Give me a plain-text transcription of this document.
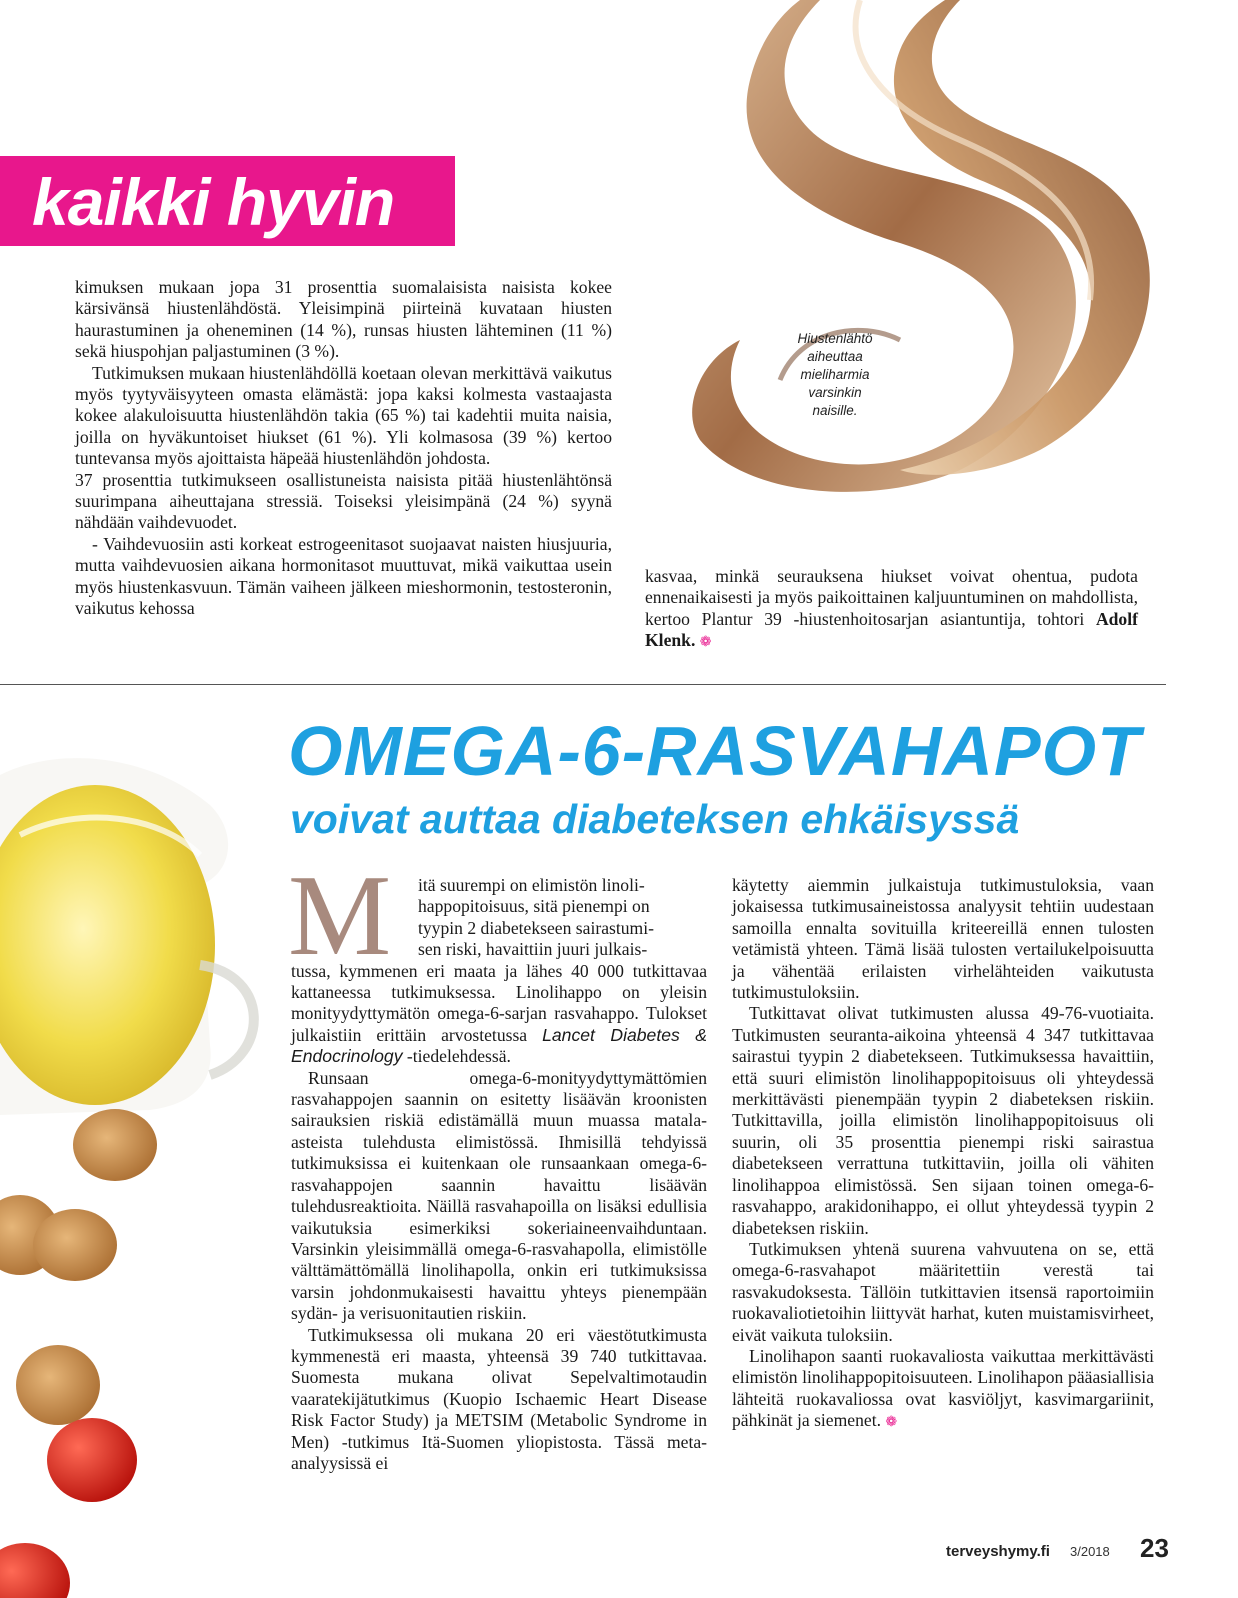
kaikki hyvin

kimuksen mukaan jopa 31 prosenttia suomalaisista naisista kokee kärsivänsä hiustenlähdöstä. Yleisimpinä piirteinä kuvataan hiusten haurastuminen ja oheneminen (14 %), runsas hiusten lähteminen (11 %) sekä hiuspohjan paljastuminen (3 %).

Tutkimuksen mukaan hiustenlähdöllä koetaan olevan merkittävä vaikutus myös tyytyväisyyteen omasta elämästä: jopa kaksi kolmesta vastaajasta kokee alakuloisuutta hiustenlähdön takia (65 %) tai kadehtii muita naisia, joilla on hyväkuntoiset hiukset (61 %). Yli kolmasosa (39 %) kertoo tuntevansa myös ajoittaista häpeää hiustenlähdön johdosta.

37 prosenttia tutkimukseen osallistuneista naisista pitää hiustenlähtönsä suurimpana aiheuttajana stressiä. Toiseksi yleisimpänä (24 %) syynä nähdään vaihdevuodet.

- Vaihdevuosiin asti korkeat estrogeenitasot suojaavat naisten hiusjuuria, mutta vaihdevuosien aikana hormonitasot muuttuvat, mikä vaikuttaa usein myös hiustenkasvuun. Tämän vaiheen jälkeen mieshormonin, testosteronin, vaikutus kehossa

Hiustenlähtö
aiheuttaa
mieliharmia
varsinkin
naisille.

kasvaa, minkä seurauksena hiukset voivat ohentua, pudota ennenaikaisesti ja myös paikoittainen kaljuuntuminen on mahdollista, kertoo Plantur 39 -hiustenhoitosarjan asiantuntija, tohtori Adolf Klenk. ❁

OMEGA-6-RASVAHAPOT
voivat auttaa diabeteksen ehkäisyssä
M itä suurempi on elimistön linoli-
happopitoisuus, sitä pienempi on
tyypin 2 diabetekseen sairastumi-
sen riski, havaittiin juuri julkais-

tussa, kymmenen eri maata ja lähes 40 000 tutkittavaa kattaneessa tutkimuksessa. Linolihappo on yleisin monityydyttymätön omega-6-sarjan rasvahappo. Tulokset julkaistiin erittäin arvostetussa Lancet Diabetes & Endocrinology -tiedelehdessä.

Runsaan omega-6-monityydyttymättömien rasvahappojen saannin on esitetty lisäävän kroonisten sairauksien riskiä edistämällä muun muassa matala-asteista tulehdusta elimistössä. Ihmisillä tehdyissä tutkimuksissa ei kuitenkaan ole runsaankaan omega-6-rasvahappojen saannin havaittu lisäävän tulehdusreaktioita. Näillä rasvahapoilla on lisäksi edullisia vaikutuksia esimerkiksi sokeriaineenvaihduntaan. Varsinkin yleisimmällä omega-6-rasvahapolla, elimistölle välttämättömällä linolihapolla, onkin eri tutkimuksissa varsin johdonmukaisesti havaittu yhteys pienempään sydän- ja verisuonitautien riskiin.

Tutkimuksessa oli mukana 20 eri väestötutkimusta kymmenestä eri maasta, yhteensä 39 740 tutkittavaa. Suomesta mukana olivat Sepelvaltimotaudin vaaratekijätutkimus (Kuopio Ischaemic Heart Disease Risk Factor Study) ja METSIM (Metabolic Syndrome in Men) -tutkimus Itä-Suomen yliopistosta. Tässä meta-analyysissä ei

käytetty aiemmin julkaistuja tutkimustuloksia, vaan jokaisessa tutkimusaineistossa analyysit tehtiin uudestaan samoilla ennalta sovituilla kriteereillä ennen tulosten vetämistä yhteen. Tämä lisää tulosten vertailukelpoisuutta ja vähentää erilaisten virhelähteiden vaikutusta tutkimustuloksiin.

Tutkittavat olivat tutkimusten alussa 49-76-vuotiaita. Tutkimusten seuranta-aikoina yhteensä 4 347 tutkittavaa sairastui tyypin 2 diabetekseen. Tutkimuksessa havaittiin, että suuri elimistön linolihappopitoisuus oli yhteydessä merkittävästi pienempään tyypin 2 diabeteksen riskiin. Tutkittavilla, joilla elimistön linolihappopitoisuus oli suurin, oli 35 prosenttia pienempi riski sairastua diabetekseen verrattuna tutkittaviin, joilla oli vähiten linolihappoa elimistössä. Sen sijaan toinen omega-6-rasvahappo, arakidonihappo, ei ollut yhteydessä tyypin 2 diabeteksen riskiin.

Tutkimuksen yhtenä suurena vahvuutena on se, että omega-6-rasvahapot määritettiin verestä tai rasvakudoksesta. Tällöin tutkittavien itsensä raportoimiin ruokavaliotietoihin liittyvät harhat, kuten muistamisvirheet, eivät vaikuta tuloksiin.

Linolihapon saanti ruokavaliosta vaikuttaa merkittävästi elimistön linolihappopitoisuuteen. Linolihapon pääasiallisia lähteitä ruokavaliossa ovat kasviöljyt, kasvimargariinit, pähkinät ja siemenet. ❁

terveyshymy.fi 3/2018 23
